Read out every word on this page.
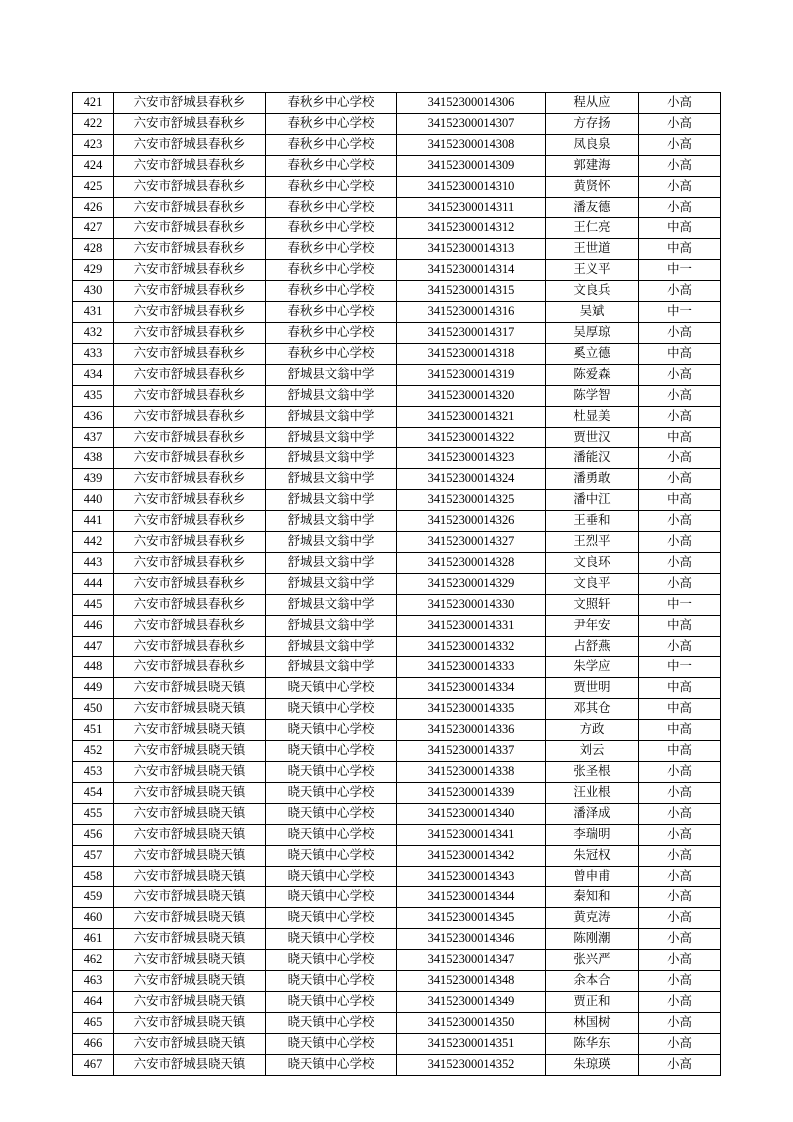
421	六安市舒城县春秋乡	春秋乡中心学校	34152300014306	程从应	小高
422	六安市舒城县春秋乡	春秋乡中心学校	34152300014307	方存扬	小高
423	六安市舒城县春秋乡	春秋乡中心学校	34152300014308	凤良泉	小高
424	六安市舒城县春秋乡	春秋乡中心学校	34152300014309	郭建海	小高
425	六安市舒城县春秋乡	春秋乡中心学校	34152300014310	黄贤怀	小高
426	六安市舒城县春秋乡	春秋乡中心学校	34152300014311	潘友德	小高
427	六安市舒城县春秋乡	春秋乡中心学校	34152300014312	王仁亮	中高
428	六安市舒城县春秋乡	春秋乡中心学校	34152300014313	王世道	中高
429	六安市舒城县春秋乡	春秋乡中心学校	34152300014314	王义平	中一
430	六安市舒城县春秋乡	春秋乡中心学校	34152300014315	文良兵	小高
431	六安市舒城县春秋乡	春秋乡中心学校	34152300014316	吴斌	中一
432	六安市舒城县春秋乡	春秋乡中心学校	34152300014317	吴厚琼	小高
433	六安市舒城县春秋乡	春秋乡中心学校	34152300014318	奚立德	中高
434	六安市舒城县春秋乡	舒城县文翁中学	34152300014319	陈爱森	小高
435	六安市舒城县春秋乡	舒城县文翁中学	34152300014320	陈学智	小高
436	六安市舒城县春秋乡	舒城县文翁中学	34152300014321	杜显美	小高
437	六安市舒城县春秋乡	舒城县文翁中学	34152300014322	贾世汉	中高
438	六安市舒城县春秋乡	舒城县文翁中学	34152300014323	潘能汉	小高
439	六安市舒城县春秋乡	舒城县文翁中学	34152300014324	潘勇敢	小高
440	六安市舒城县春秋乡	舒城县文翁中学	34152300014325	潘中江	中高
441	六安市舒城县春秋乡	舒城县文翁中学	34152300014326	王垂和	小高
442	六安市舒城县春秋乡	舒城县文翁中学	34152300014327	王烈平	小高
443	六安市舒城县春秋乡	舒城县文翁中学	34152300014328	文良环	小高
444	六安市舒城县春秋乡	舒城县文翁中学	34152300014329	文良平	小高
445	六安市舒城县春秋乡	舒城县文翁中学	34152300014330	文照轩	中一
446	六安市舒城县春秋乡	舒城县文翁中学	34152300014331	尹年安	中高
447	六安市舒城县春秋乡	舒城县文翁中学	34152300014332	占舒燕	小高
448	六安市舒城县春秋乡	舒城县文翁中学	34152300014333	朱学应	中一
449	六安市舒城县晓天镇	晓天镇中心学校	34152300014334	贾世明	中高
450	六安市舒城县晓天镇	晓天镇中心学校	34152300014335	邓其仓	中高
451	六安市舒城县晓天镇	晓天镇中心学校	34152300014336	方政	中高
452	六安市舒城县晓天镇	晓天镇中心学校	34152300014337	刘云	中高
453	六安市舒城县晓天镇	晓天镇中心学校	34152300014338	张圣根	小高
454	六安市舒城县晓天镇	晓天镇中心学校	34152300014339	汪业根	小高
455	六安市舒城县晓天镇	晓天镇中心学校	34152300014340	潘泽成	小高
456	六安市舒城县晓天镇	晓天镇中心学校	34152300014341	李瑞明	小高
457	六安市舒城县晓天镇	晓天镇中心学校	34152300014342	朱冠权	小高
458	六安市舒城县晓天镇	晓天镇中心学校	34152300014343	曾申甫	小高
459	六安市舒城县晓天镇	晓天镇中心学校	34152300014344	秦知和	小高
460	六安市舒城县晓天镇	晓天镇中心学校	34152300014345	黄克涛	小高
461	六安市舒城县晓天镇	晓天镇中心学校	34152300014346	陈刚潮	小高
462	六安市舒城县晓天镇	晓天镇中心学校	34152300014347	张兴严	小高
463	六安市舒城县晓天镇	晓天镇中心学校	34152300014348	余本合	小高
464	六安市舒城县晓天镇	晓天镇中心学校	34152300014349	贾正和	小高
465	六安市舒城县晓天镇	晓天镇中心学校	34152300014350	林国树	小高
466	六安市舒城县晓天镇	晓天镇中心学校	34152300014351	陈华东	小高
467	六安市舒城县晓天镇	晓天镇中心学校	34152300014352	朱琼瑛	小高
